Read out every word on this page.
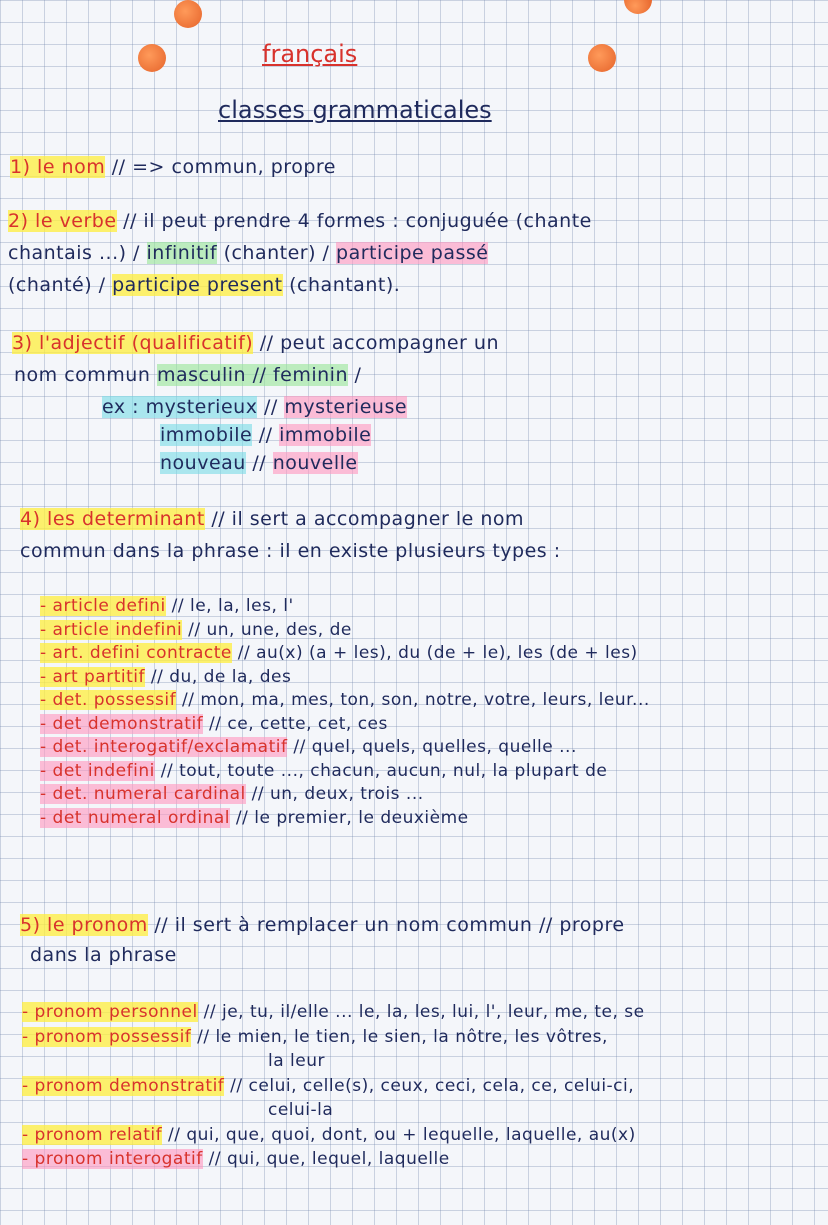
français
classes grammaticales
1) le nom // => commun, propre
2) le verbe // il peut prendre 4 formes : conjuguée (chante
chantais ...) / infinitif (chanter) / participe passé
(chanté) / participe present (chantant).
3) l'adjectif (qualificatif) // peut accompagner un
nom commun masculin // feminin /
ex : mysterieux // mysterieuse
immobile // immobile
nouveau // nouvelle
4) les determinant // il sert a accompagner le nom
commun dans la phrase : il en existe plusieurs types :
- article defini // le, la, les, l'
- article indefini // un, une, des, de
- art. defini contracte // au(x) (a + les), du (de + le), les (de + les)
- art partitif // du, de la, des
- det. possessif // mon, ma, mes, ton, son, notre, votre, leurs, leur...
- det demonstratif // ce, cette, cet, ces
- det. interogatif/exclamatif // quel, quels, quelles, quelle ...
- det indefini // tout, toute ..., chacun, aucun, nul, la plupart de
- det. numeral cardinal // un, deux, trois ...
- det numeral ordinal // le premier, le deuxième
5) le pronom // il sert à remplacer un nom commun // propre
dans la phrase
- pronom personnel // je, tu, il/elle ... le, la, les, lui, l', leur, me, te, se
- pronom possessif // le mien, le tien, le sien, la nôtre, les vôtres,
la leur
- pronom demonstratif // celui, celle(s), ceux, ceci, cela, ce, celui-ci,
celui-la
- pronom relatif // qui, que, quoi, dont, ou + lequelle, laquelle, au(x)
- pronom interogatif // qui, que, lequel, laquelle
